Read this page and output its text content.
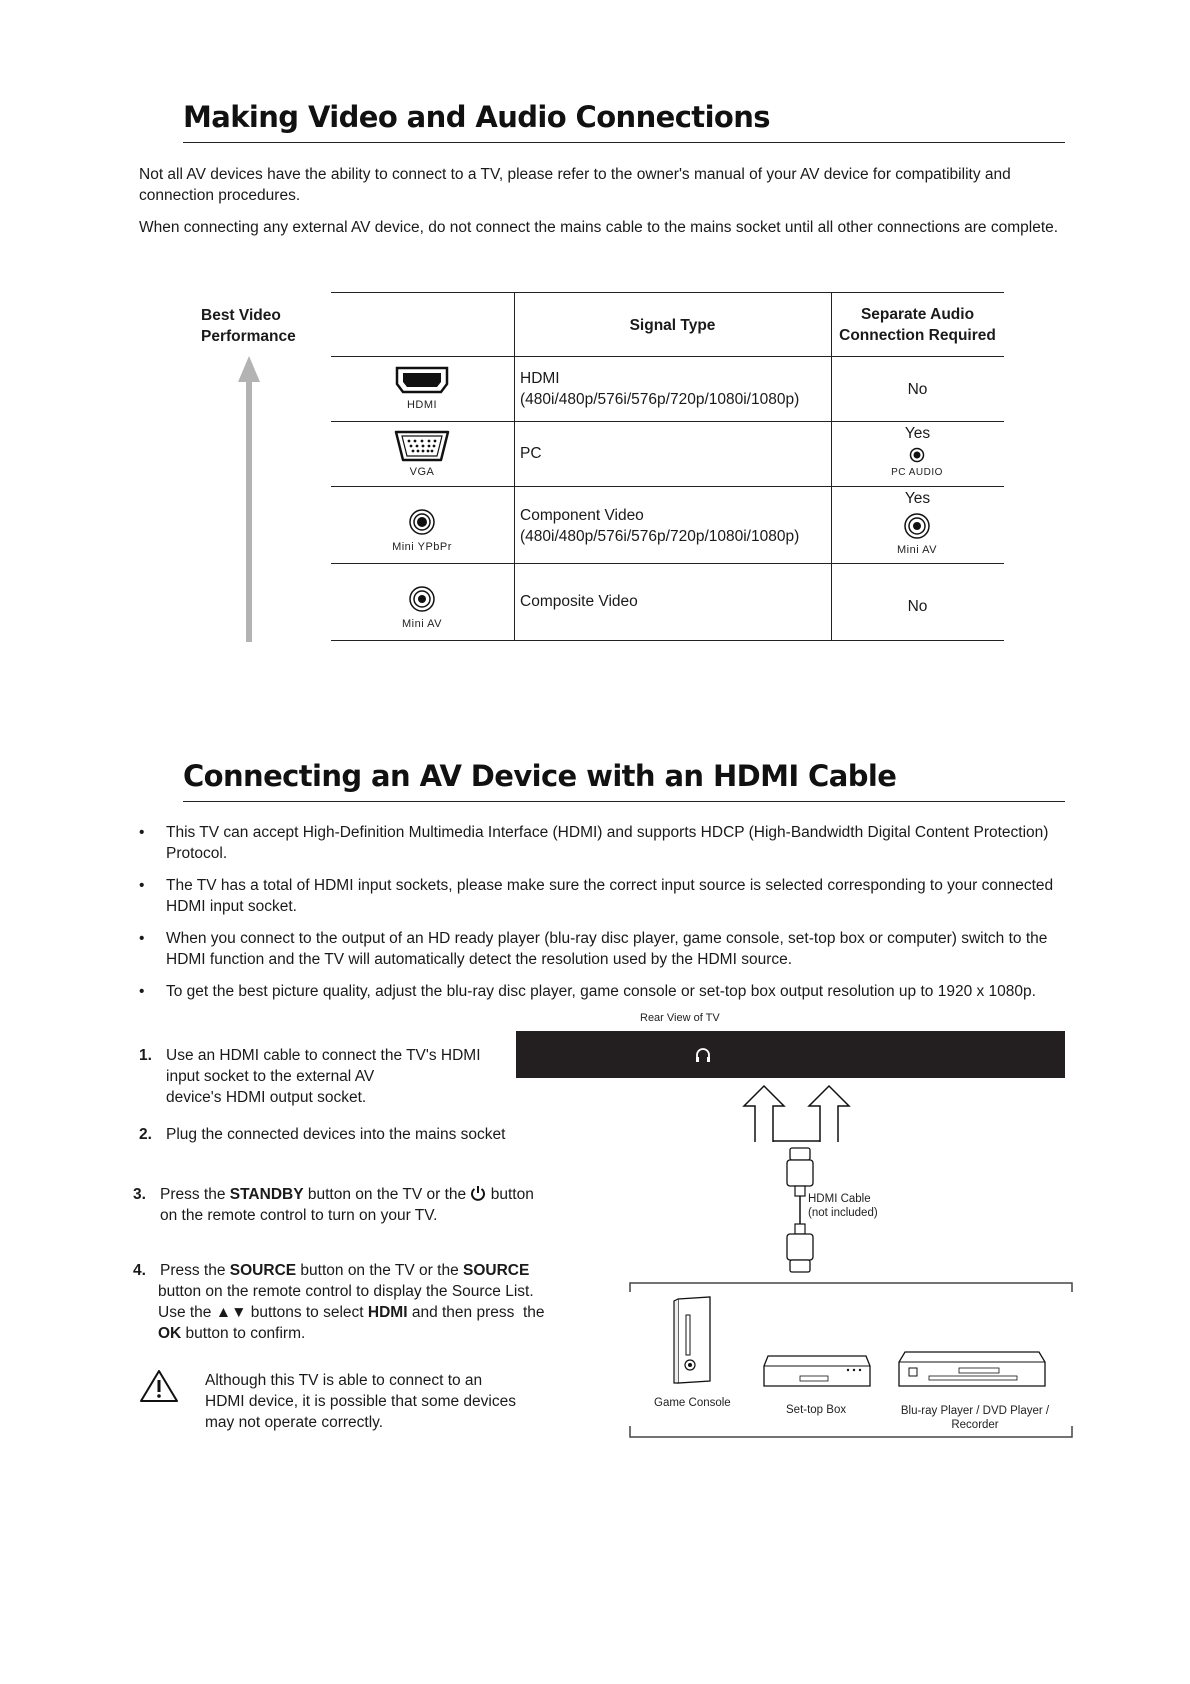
Making Video and Audio Connections
Not all AV devices have the ability to connect to a TV, please refer to the owner's manual of your AV device for compatibility and connection procedures.
When connecting any external AV device, do not connect the mains cable to the mains socket until all other connections are complete.
Best Video
Performance
Signal Type
Separate Audio
Connection Required
HDMI
HDMI
(480i/480p/576i/576p/720p/1080i/1080p)
No
VGA
PC
Yes
PC AUDIO
Mini YPbPr
Component Video
(480i/480p/576i/576p/720p/1080i/1080p)
Yes
Mini AV
Mini AV
Composite Video	No
Connecting an AV Device with an HDMI Cable
• This TV can accept High-Definition Multimedia Interface (HDMI) and supports HDCP (High-Bandwidth Digital Content Protection) Protocol.
• The TV has a total of HDMI input sockets, please make sure the correct input source is selected corresponding to your connected HDMI input socket.
• When you connect to the output of an HD ready player (blu-ray disc player, game console, set-top box or computer) switch to the HDMI function and the TV will automatically detect the resolution used by the HDMI source.
• To get the best picture quality, adjust the blu-ray disc player, game console or set-top box output resolution up to 1920 x 1080p.
1. Use an HDMI cable to connect the TV's HDMI
input socket to the external AV
device's HDMI output socket.
2. Plug the connected devices into the mains socket
3. Press the STANDBY button on the TV or the  button
on the remote control to turn on your TV.
4. Press the SOURCE button on the TV or the SOURCE
button on the remote control to display the Source List.
Use the ▲▼ buttons to select HDMI and then press  the
OK button to confirm.
Although this TV is able to connect to an
HDMI device, it is possible that some devices
may not operate correctly.
Rear View of TV
HDMI Cable
(not included)
Game Console
Set-top Box	Blu-ray Player / DVD Player /
Recorder
